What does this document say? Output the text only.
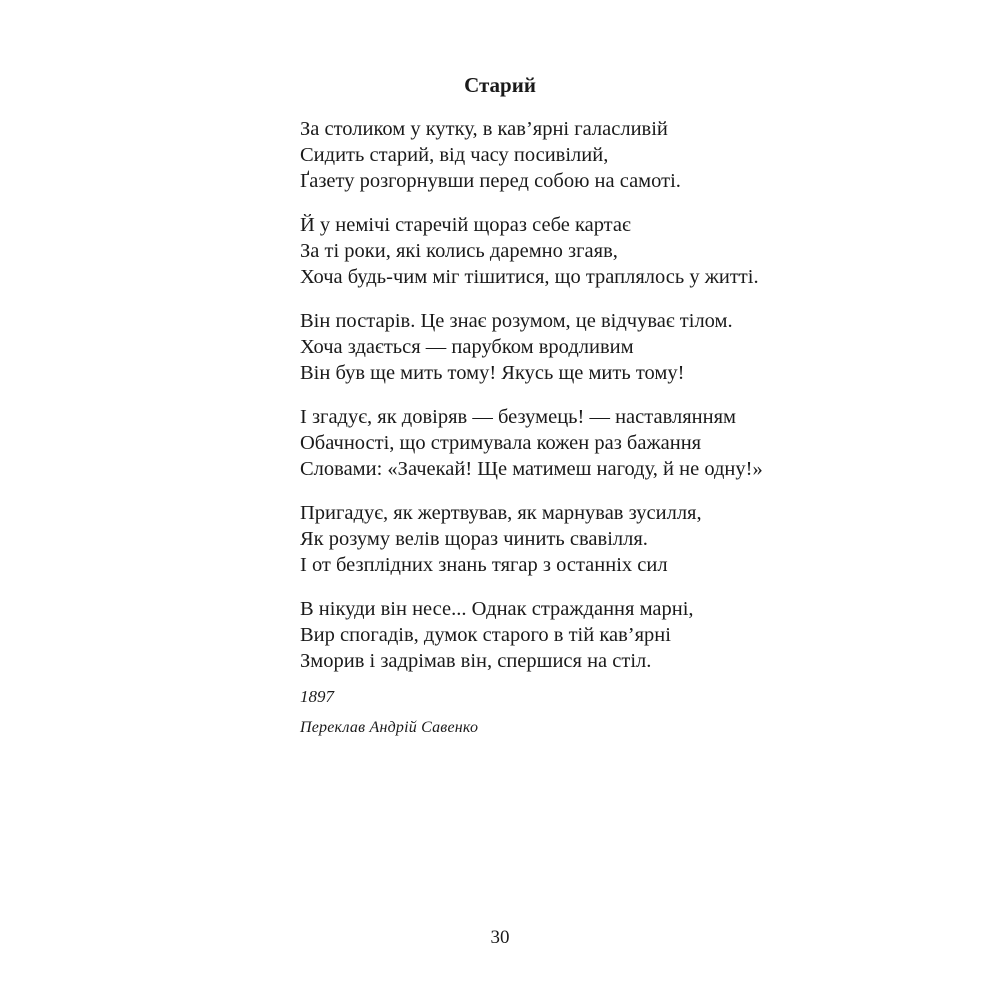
Старий
За столиком у кутку, в кав’ярні галасливій
Сидить старий, від часу посивілий,
Ґазету розгорнувши перед собою на самоті.
Й у немічі старечій щораз себе картає
За ті роки, які колись даремно згаяв,
Хоча будь-чим міг тішитися, що траплялось у житті.
Він постарів. Це знає розумом, це відчуває тілом.
Хоча здається — парубком вродливим
Він був ще мить тому! Якусь ще мить тому!
І згадує, як довіряв — безумець! — наставлянням
Обачності, що стримувала кожен раз бажання
Словами: «Зачекай! Ще матимеш нагоду, й не одну!»
Пригадує, як жертвував, як марнував зусилля,
Як розуму велів щораз чинить свавілля.
І от безплідних знань тягар з останніх сил
В нікуди він несе... Однак страждання марні,
Вир спогадів, думок старого в тій кав’ярні
Зморив і задрімав він, спершися на стіл.
1897
Переклав Андрій Савенко
30
